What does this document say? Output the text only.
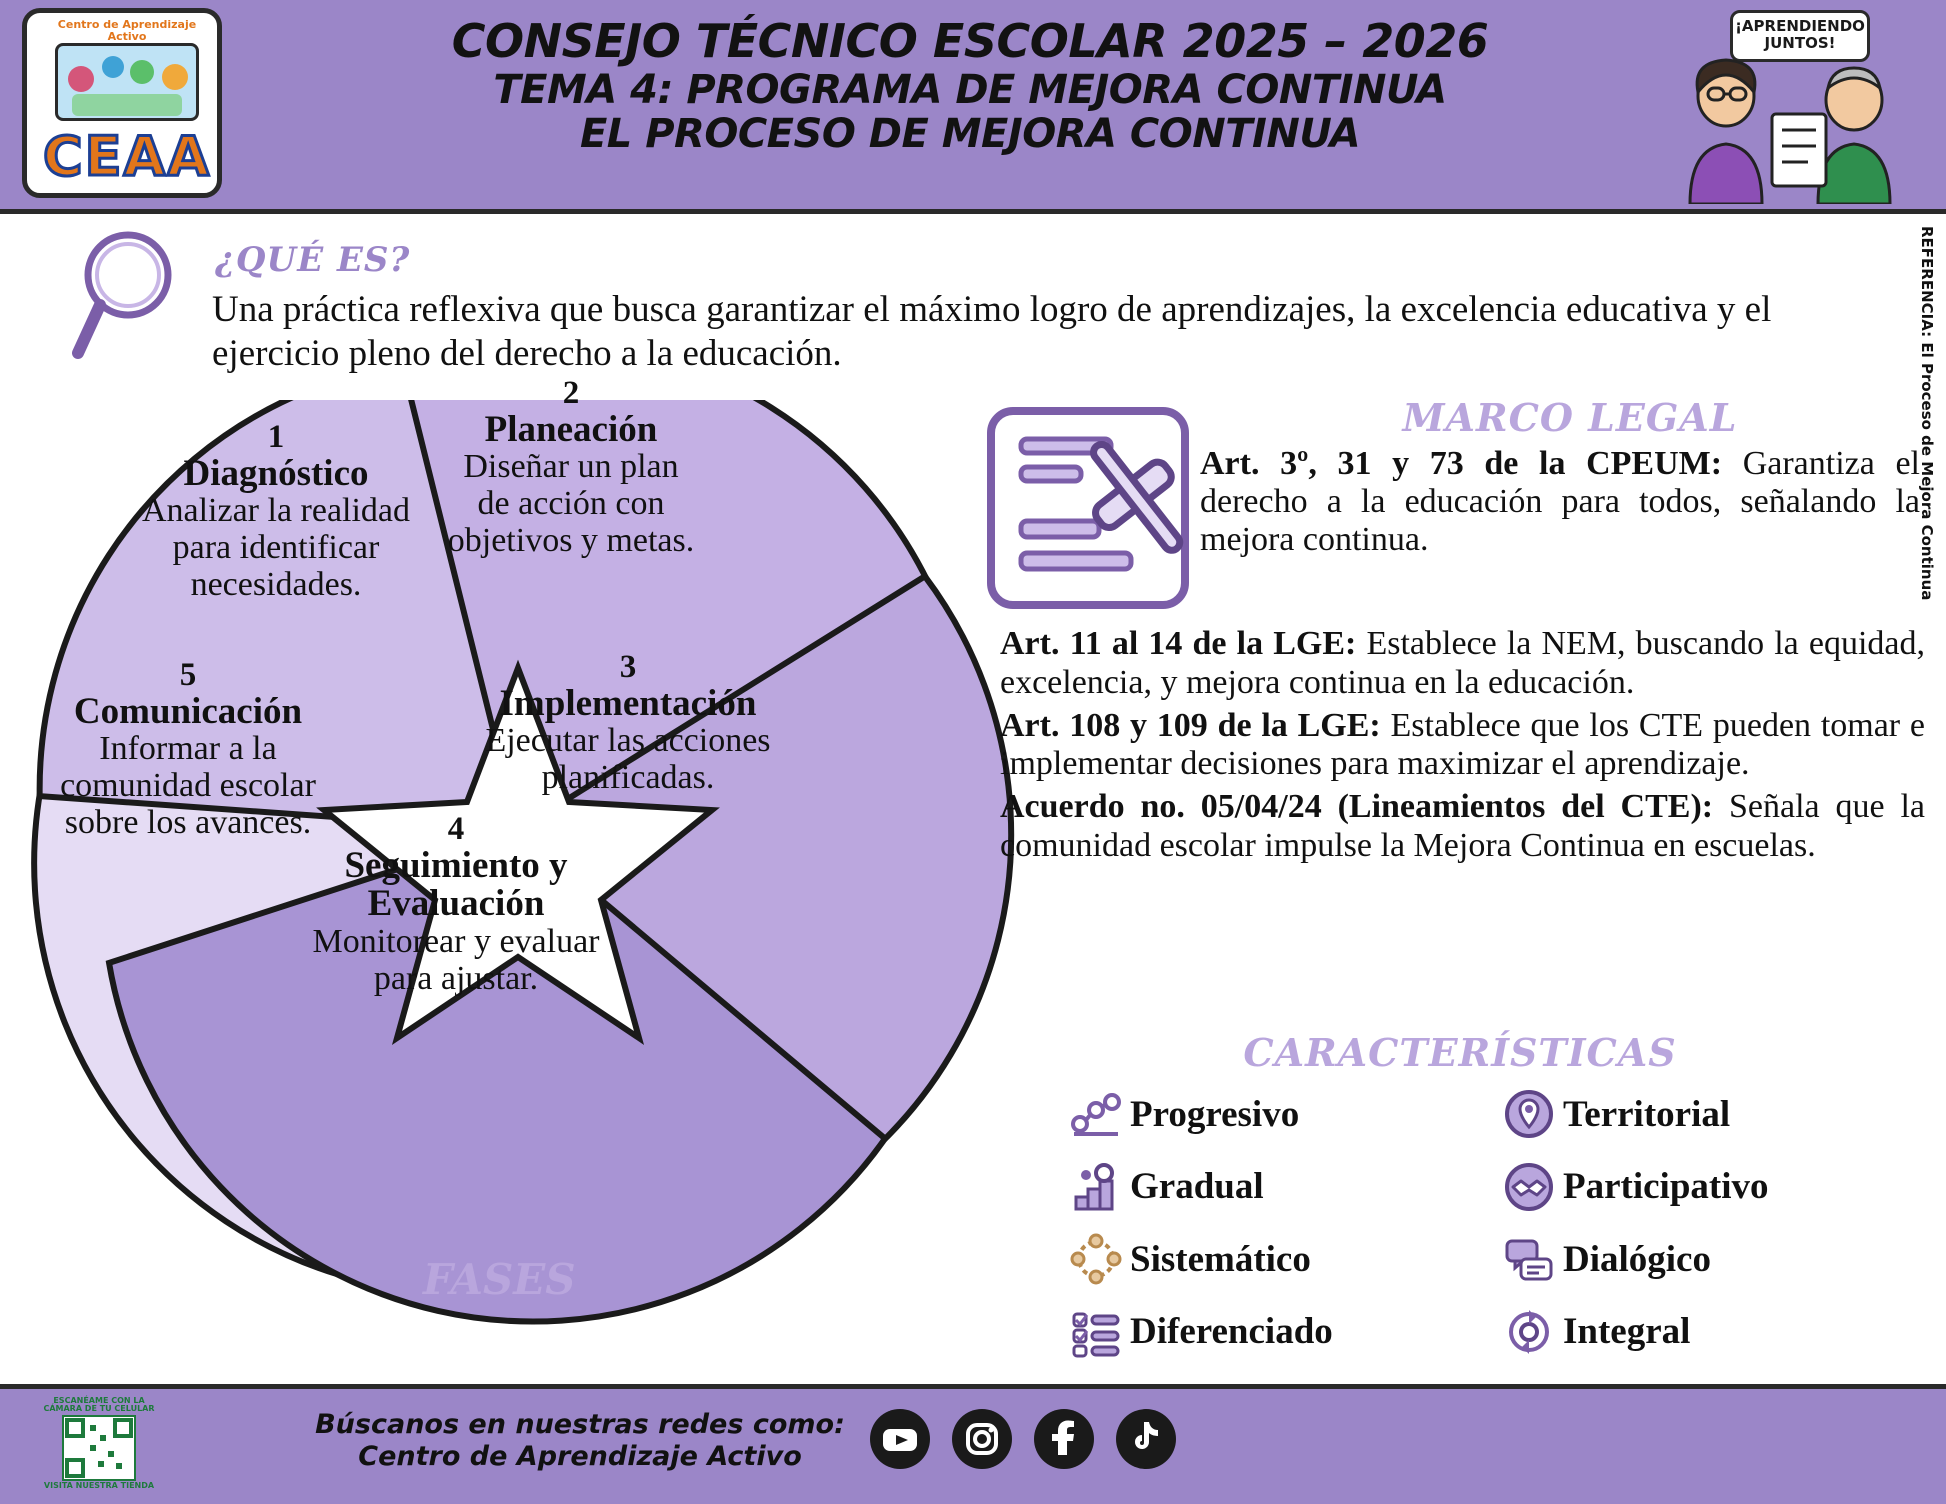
Centro de Aprendizaje Activo
CEAA
CONSEJO TÉCNICO ESCOLAR 2025 – 2026
TEMA 4: PROGRAMA DE MEJORA CONTINUA
EL PROCESO DE MEJORA CONTINUA
¡APRENDIENDO JUNTOS!
REFERENCIA: El Proceso de Mejora Continua
¿QUÉ ES?
Una práctica reflexiva que busca garantizar el máximo logro de aprendizajes, la excelencia educativa y el ejercicio pleno del derecho a la educación.
FASES
1
Diagnóstico
Analizar la realidad para identificar necesidades.
2
Planeación
Diseñar un plan de acción con objetivos y metas.
3
Implementación
Ejecutar las acciones planificadas.
4
Seguimiento y Evaluación
Monitorear y evaluar para ajustar.
5
Comunicación
Informar a la comunidad escolar sobre los avances.
MARCO LEGAL
Art. 3º, 31 y 73 de la CPEUM: Garantiza el derecho a la educación para todos, señalando la mejora continua.

Art. 11 al 14 de la LGE: Establece la NEM, buscando la equidad, excelencia, y mejora continua en la educación.

Art. 108 y 109 de la LGE: Establece que los CTE pueden tomar e implementar decisiones para maximizar el aprendizaje.

Acuerdo no. 05/04/24 (Lineamientos del CTE): Señala que la comunidad escolar impulse la Mejora Continua en escuelas.

CARACTERÍSTICAS
Progresivo	Territorial
Gradual	Participativo
Sistemático	Dialógico
Diferenciado	Integral
ESCANÉAME CON LA CÁMARA DE TU CELULAR
VISITA NUESTRA TIENDA
Búscanos en nuestras redes como:
Centro de Aprendizaje Activo
